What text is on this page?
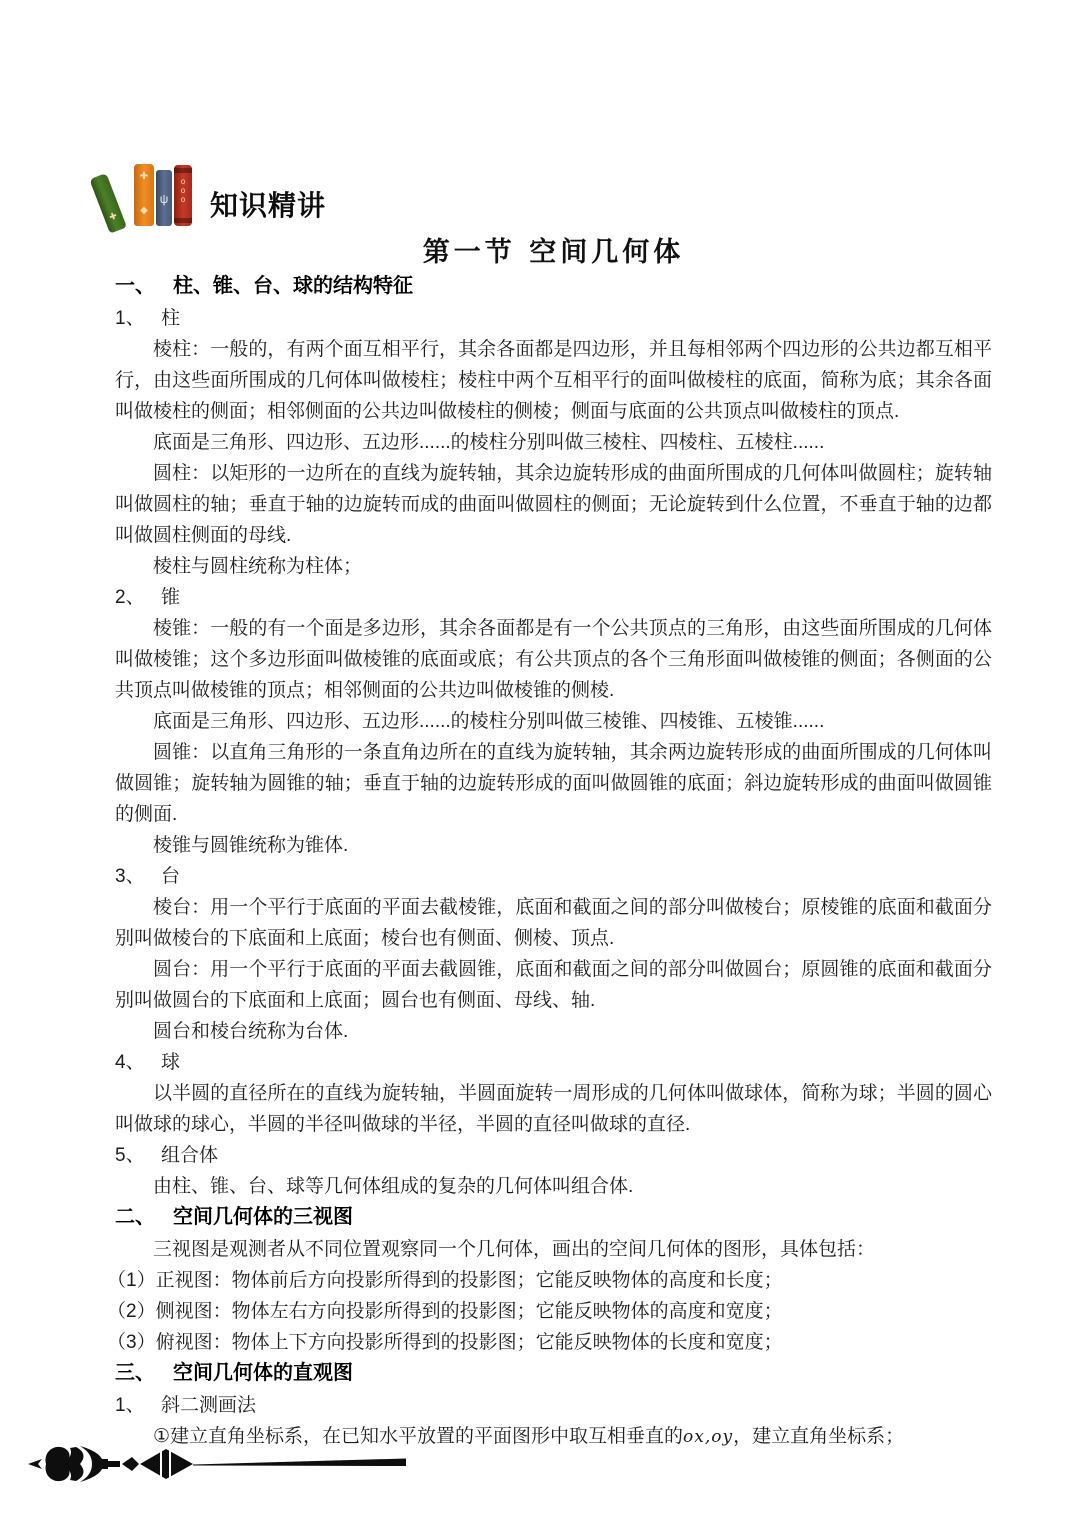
✚
✚
◆
ψ
o
o
o 知识精讲
第一节 空间几何体
一、 柱、锥、台、球的结构特征
1、 柱

棱柱：一般的，有两个面互相平行，其余各面都是四边形，并且每相邻两个四边形的公共边都互相平行，由这些面所围成的几何体叫做棱柱；棱柱中两个互相平行的面叫做棱柱的底面，简称为底；其余各面叫做棱柱的侧面；相邻侧面的公共边叫做棱柱的侧棱；侧面与底面的公共顶点叫做棱柱的顶点.

底面是三角形、四边形、五边形......的棱柱分别叫做三棱柱、四棱柱、五棱柱......

圆柱：以矩形的一边所在的直线为旋转轴，其余边旋转形成的曲面所围成的几何体叫做圆柱；旋转轴叫做圆柱的轴；垂直于轴的边旋转而成的曲面叫做圆柱的侧面；无论旋转到什么位置，不垂直于轴的边都叫做圆柱侧面的母线.

棱柱与圆柱统称为柱体；

2、 锥

棱锥：一般的有一个面是多边形，其余各面都是有一个公共顶点的三角形，由这些面所围成的几何体叫做棱锥；这个多边形面叫做棱锥的底面或底；有公共顶点的各个三角形面叫做棱锥的侧面；各侧面的公共顶点叫做棱锥的顶点；相邻侧面的公共边叫做棱锥的侧棱.

底面是三角形、四边形、五边形......的棱柱分别叫做三棱锥、四棱锥、五棱锥......

圆锥：以直角三角形的一条直角边所在的直线为旋转轴，其余两边旋转形成的曲面所围成的几何体叫做圆锥；旋转轴为圆锥的轴；垂直于轴的边旋转形成的面叫做圆锥的底面；斜边旋转形成的曲面叫做圆锥的侧面.

棱锥与圆锥统称为锥体.

3、 台

棱台：用一个平行于底面的平面去截棱锥，底面和截面之间的部分叫做棱台；原棱锥的底面和截面分别叫做棱台的下底面和上底面；棱台也有侧面、侧棱、顶点.

圆台：用一个平行于底面的平面去截圆锥，底面和截面之间的部分叫做圆台；原圆锥的底面和截面分别叫做圆台的下底面和上底面；圆台也有侧面、母线、轴.

圆台和棱台统称为台体.

4、 球

以半圆的直径所在的直线为旋转轴，半圆面旋转一周形成的几何体叫做球体，简称为球；半圆的圆心叫做球的球心，半圆的半径叫做球的半径，半圆的直径叫做球的直径.

5、 组合体

由柱、锥、台、球等几何体组成的复杂的几何体叫组合体.

二、 空间几何体的三视图

三视图是观测者从不同位置观察同一个几何体，画出的空间几何体的图形，具体包括：

（1）正视图：物体前后方向投影所得到的投影图；它能反映物体的高度和长度；

（2）侧视图：物体左右方向投影所得到的投影图；它能反映物体的高度和宽度；

（3）俯视图：物体上下方向投影所得到的投影图；它能反映物体的长度和宽度；

三、 空间几何体的直观图
1、 斜二测画法

①建立直角坐标系，在已知水平放置的平面图形中取互相垂直的ox,oy，建立直角坐标系；
